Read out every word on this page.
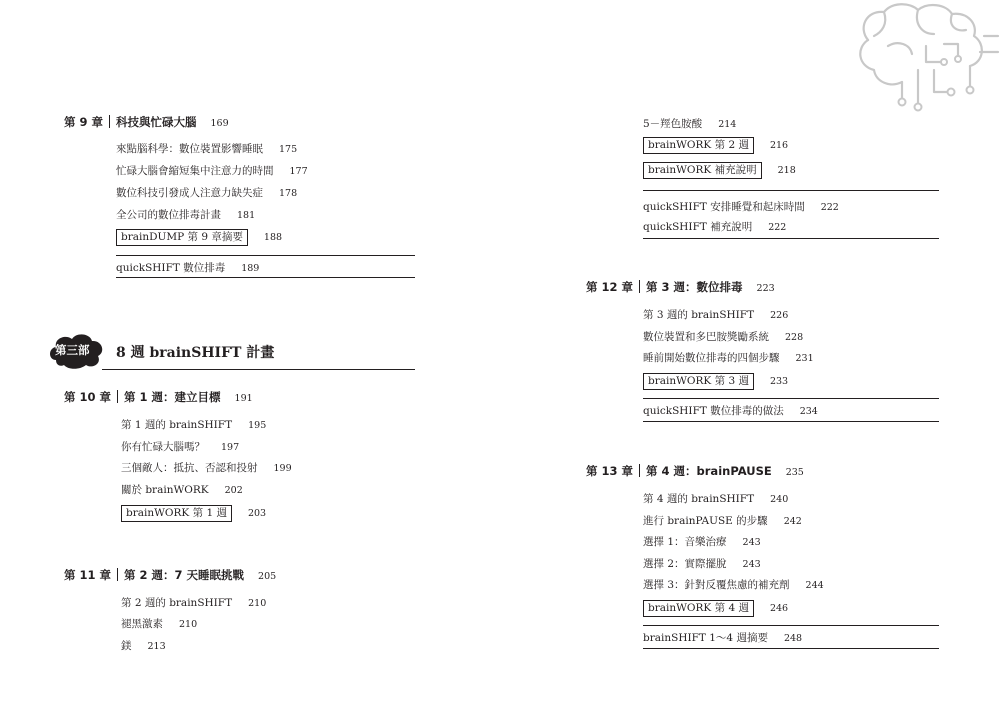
第 9 章 科技與忙碌大腦 169
來點腦科學：數位裝置影響睡眠 175
忙碌大腦會縮短集中注意力的時間 177
數位科技引發成人注意力缺失症 178
全公司的數位排毒計畫 181
brainDUMP 第 9 章摘要 188
quickSHIFT 數位排毒 189
第三部 8 週 brainSHIFT 計畫
第 10 章 第 1 週：建立目標 191
第 1 週的 brainSHIFT 195
你有忙碌大腦嗎？ 197
三個敵人：抵抗、否認和投射 199
關於 brainWORK 202
brainWORK 第 1 週 203
第 11 章 第 2 週：7 天睡眠挑戰 205
第 2 週的 brainSHIFT 210
褪黑激素 210
鎂 213
5－羥色胺酸 214
brainWORK 第 2 週 216
brainWORK 補充說明 218
quickSHIFT 安排睡覺和起床時間 222
quickSHIFT 補充說明 222
第 12 章 第 3 週：數位排毒 223
第 3 週的 brainSHIFT 226
數位裝置和多巴胺獎勵系統 228
睡前開始數位排毒的四個步驟 231
brainWORK 第 3 週 233
quickSHIFT 數位排毒的做法 234
第 13 章 第 4 週：brainPAUSE 235
第 4 週的 brainSHIFT 240
進行 brainPAUSE 的步驟 242
選擇 1：音樂治療 243
選擇 2：實際擺脫 243
選擇 3：針對反覆焦慮的補充劑 244
brainWORK 第 4 週 246
brainSHIFT 1～4 週摘要 248
